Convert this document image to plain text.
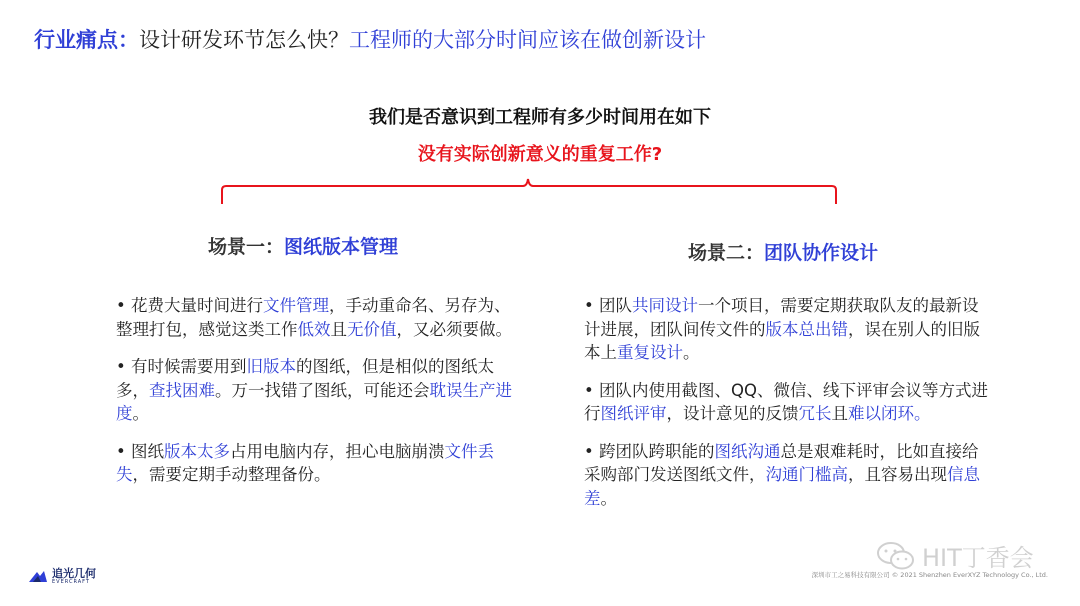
行业痛点：设计研发环节怎么快？工程师的大部分时间应该在做创新设计
我们是否意识到工程师有多少时间用在如下
没有实际创新意义的重复工作?
场景一：图纸版本管理	场景二：团队协作设计

• 花费大量时间进行文件管理，手动重命名、另存为、整理打包，感觉这类工作低效且无价值，又必须要做。

• 有时候需要用到旧版本的图纸，但是相似的图纸太多，查找困难。万一找错了图纸，可能还会耽误生产进度。

• 图纸版本太多占用电脑内存，担心电脑崩溃文件丢失，需要定期手动整理备份。

• 团队共同设计一个项目，需要定期获取队友的最新设计进展，团队间传文件的版本总出错，误在别人的旧版本上重复设计。

• 团队内使用截图、QQ、微信、线下评审会议等方式进行图纸评审，设计意见的反馈冗长且难以闭环。

• 跨团队跨职能的图纸沟通总是艰难耗时，比如直接给采购部门发送图纸文件，沟通门槛高，且容易出现信息差。

追光几何
EVERCRAFT
深圳市工之易科技有限公司 © 2021 Shenzhen EverXYZ Technology Co., Ltd.
HIT丁香会
